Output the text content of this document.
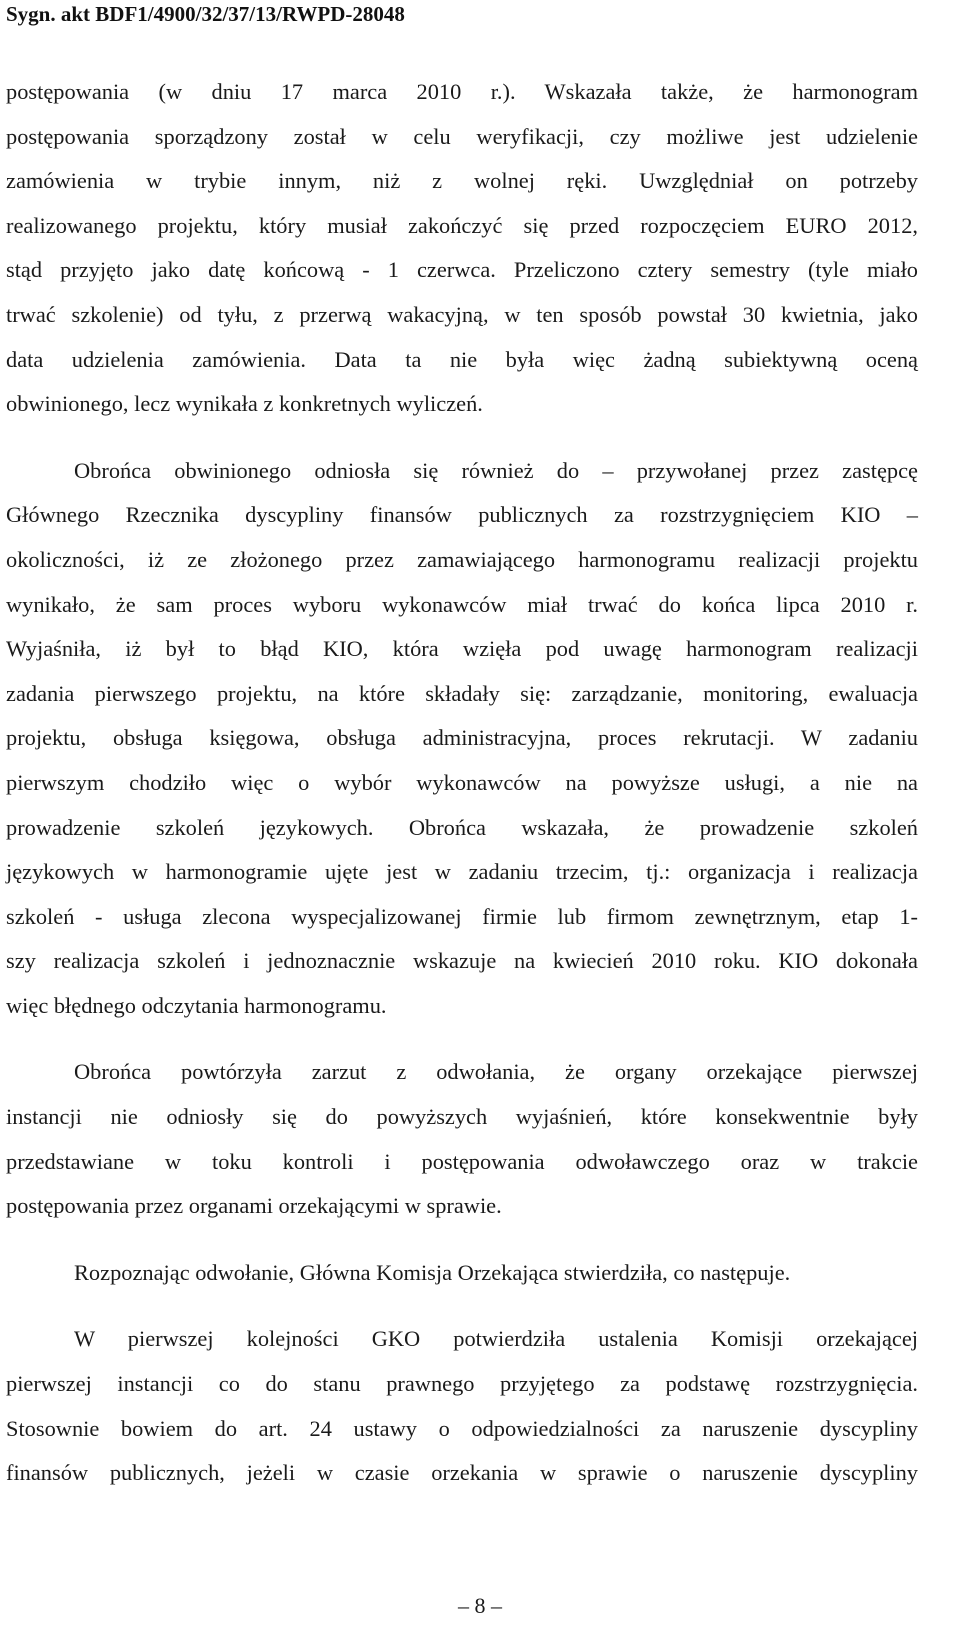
Sygn. akt BDF1/4900/32/37/13/RWPD-28048
postępowania (w dniu 17 marca 2010 r.). Wskazała także, że harmonogram
postępowania sporządzony został w celu weryfikacji, czy możliwe jest udzielenie
zamówienia w trybie innym, niż z wolnej ręki. Uwzględniał on potrzeby
realizowanego projektu, który musiał zakończyć się przed rozpoczęciem EURO 2012,
stąd przyjęto jako datę końcową - 1 czerwca. Przeliczono cztery semestry (tyle miało
trwać szkolenie) od tyłu, z przerwą wakacyjną, w ten sposób powstał 30 kwietnia, jako
data udzielenia zamówienia. Data ta nie była więc żadną subiektywną oceną
obwinionego, lecz wynikała z konkretnych wyliczeń.
Obrońca obwinionego odniosła się również do – przywołanej przez zastępcę
Głównego Rzecznika dyscypliny finansów publicznych za rozstrzygnięciem KIO –
okoliczności, iż ze złożonego przez zamawiającego harmonogramu realizacji projektu
wynikało, że sam proces wyboru wykonawców miał trwać do końca lipca 2010 r.
Wyjaśniła, iż był to błąd KIO, która wzięła pod uwagę harmonogram realizacji
zadania pierwszego projektu, na które składały się: zarządzanie, monitoring, ewaluacja
projektu, obsługa księgowa, obsługa administracyjna, proces rekrutacji. W zadaniu
pierwszym chodziło więc o wybór wykonawców na powyższe usługi, a nie na
prowadzenie szkoleń językowych. Obrońca wskazała, że prowadzenie szkoleń
językowych w harmonogramie ujęte jest w zadaniu trzecim, tj.: organizacja i realizacja
szkoleń - usługa zlecona wyspecjalizowanej firmie lub firmom zewnętrznym, etap 1-
szy realizacja szkoleń i jednoznacznie wskazuje na kwiecień 2010 roku. KIO dokonała
więc błędnego odczytania harmonogramu.
Obrońca powtórzyła zarzut z odwołania, że organy orzekające pierwszej
instancji nie odniosły się do powyższych wyjaśnień, które konsekwentnie były
przedstawiane w toku kontroli i postępowania odwoławczego oraz w trakcie
postępowania przez organami orzekającymi w sprawie.
Rozpoznając odwołanie, Główna Komisja Orzekająca stwierdziła, co następuje.
W pierwszej kolejności GKO potwierdziła ustalenia Komisji orzekającej
pierwszej instancji co do stanu prawnego przyjętego za podstawę rozstrzygnięcia.
Stosownie bowiem do art. 24 ustawy o odpowiedzialności za naruszenie dyscypliny
finansów publicznych, jeżeli w czasie orzekania w sprawie o naruszenie dyscypliny
– 8 –
